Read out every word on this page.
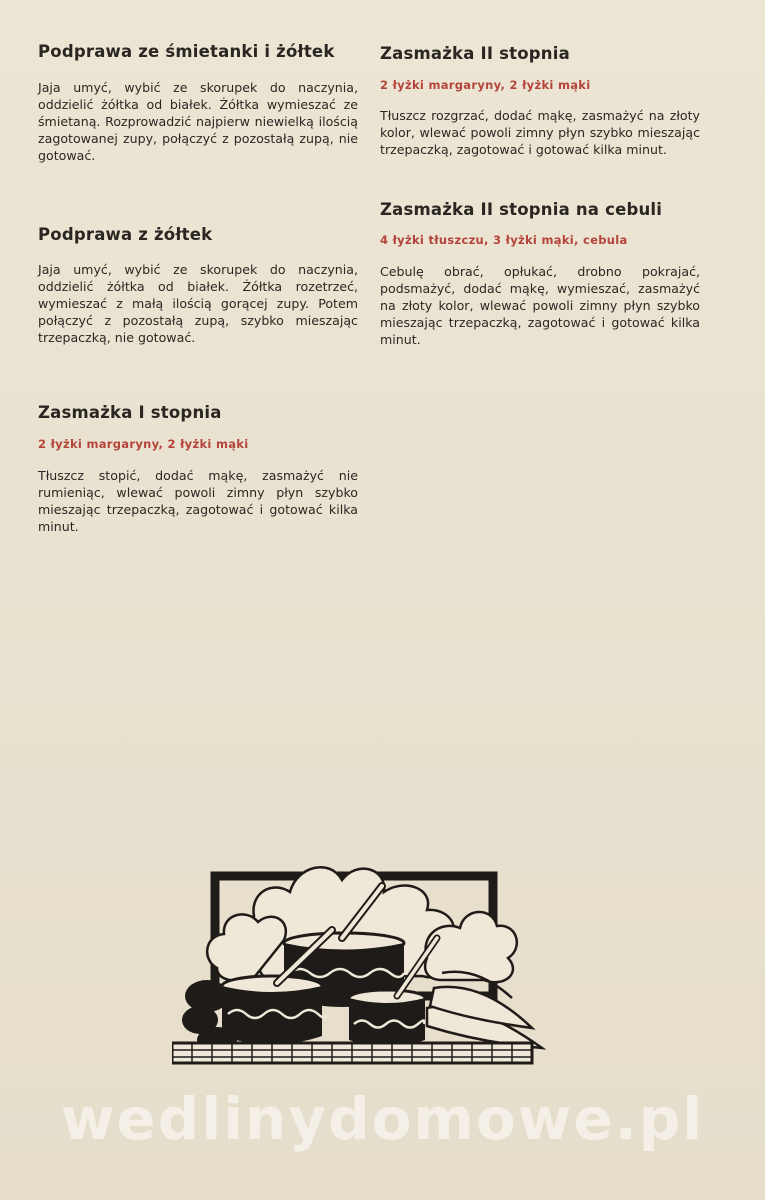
Podprawa ze śmietanki i żółtek

Jaja umyć, wybić ze skorupek do naczynia, oddzielić żółtka od białek. Żółtka wymieszać ze śmietaną. Rozprowadzić najpierw niewielką ilością zagotowanej zupy, połączyć z pozostałą zupą, nie gotować.

Podprawa z żółtek

Jaja umyć, wybić ze skorupek do naczynia, oddzielić żółtka od białek. Żółtka rozetrzeć, wymieszać z małą ilością gorącej zupy. Potem połączyć z pozostałą zupą, szybko mieszając trzepaczką, nie gotować.

Zasmażka I stopnia

2 łyżki margaryny, 2 łyżki mąki

Tłuszcz stopić, dodać mąkę, zasmażyć nie rumieniąc, wlewać powoli zimny płyn szybko mieszając trzepaczką, zagotować i gotować kilka minut.

Zasmażka II stopnia

2 łyżki margaryny, 2 łyżki mąki

Tłuszcz rozgrzać, dodać mąkę, zasmażyć na złoty kolor, wlewać powoli zimny płyn szybko mieszając trzepaczką, zagotować i gotować kilka minut.

Zasmażka II stopnia na cebuli

4 łyżki tłuszczu, 3 łyżki mąki, cebula

Cebulę obrać, opłukać, drobno pokrajać, podsmażyć, dodać mąkę, wymieszać, zasmażyć na złoty kolor, wlewać powoli zimny płyn szybko mieszając trzepaczką, zagotować i gotować kilka minut.

wedlinydomowe.pl
